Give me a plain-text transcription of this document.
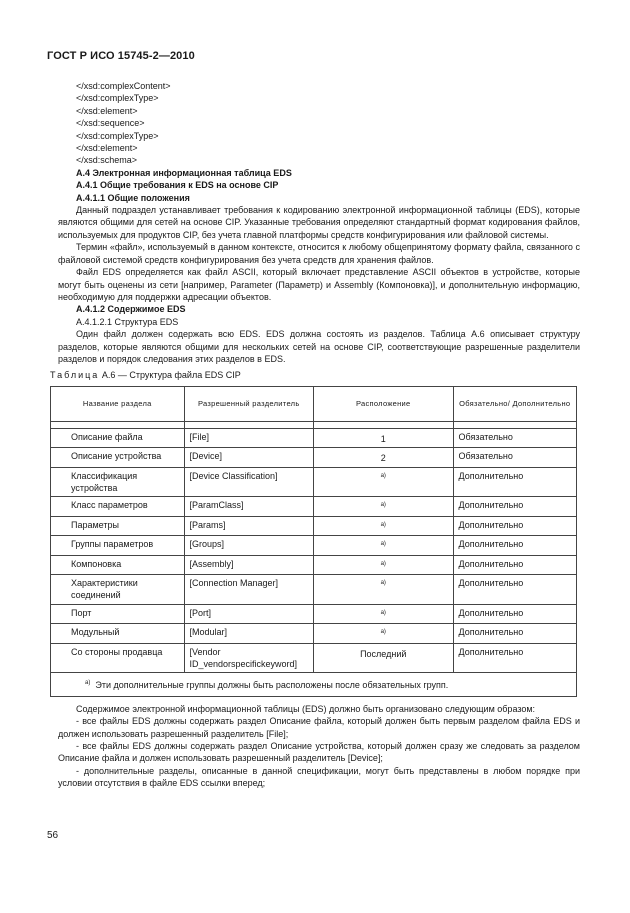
ГОСТ Р ИСО 15745-2—2010

</xsd:complexContent>

</xsd:complexType>

</xsd:element>

</xsd:sequence>

</xsd:complexType>

</xsd:element>

</xsd:schema>

А.4 Электронная информационная таблица EDS

А.4.1 Общие требования к EDS на основе CIP

А.4.1.1 Общие положения

Данный подраздел устанавливает требования к кодированию электронной информационной таблицы (EDS), которые являются общими для сетей на основе CIP. Указанные требования определяют стандартный формат кодирования файлов, используемых для продуктов CIP, без учета главной платформы средств конфигурирования или файловой системы.

Термин «файл», используемый в данном контексте, относится к любому общепринятому формату файла, связанного с файловой системой средств конфигурирования без учета средств для хранения файлов.

Файл EDS определяется как файл ASCII, который включает представление ASCII объектов в устройстве, которые могут быть оценены из сети [например, Parameter (Параметр) и Assembly (Компоновка)], и дополнительную информацию, необходимую для поддержки адресации объектов.

А.4.1.2 Содержимое EDS

А.4.1.2.1 Структура EDS

Один файл должен содержать всю EDS. EDS должна состоять из разделов. Таблица А.6 описывает структуру разделов, которые являются общими для нескольких сетей на основе CIP, соответствующие разрешенные разделители разделов и порядок следования этих разделов в EDS.

Таблица А.6 — Структура файла EDS CIP
Название раздела	Разрешенный разделитель	Расположение	Обязательно/ Дополнительно

Описание файла	[File]	1	Обязательно
Описание устройства	[Device]	2	Обязательно
Классификация устройства	[Device Classification]	$^{a)}$	Дополнительно
Класс параметров	[ParamClass]	$^{a)}$	Дополнительно
Параметры	[Params]	$^{a)}$	Дополнительно
Группы параметров	[Groups]	$^{a)}$	Дополнительно
Компоновка	[Assembly]	$^{a)}$	Дополнительно
Характеристики соединений	[Connection Manager]	$^{a)}$	Дополнительно
Порт	[Port]	$^{a)}$	Дополнительно
Модульный	[Modular]	$^{a)}$	Дополнительно
Со стороны продавца	[Vendor ID_vendorspecifickeyword]	Последний	Дополнительно
$^{a)}$ Эти дополнительные группы должны быть расположены после обязательных групп.			

Содержимое электронной информационной таблицы (EDS) должно быть организовано следующим образом:

- все файлы EDS должны содержать раздел Описание файла, который должен быть первым разделом файла EDS и должен использовать разрешенный разделитель [File];

- все файлы EDS должны содержать раздел Описание устройства, который должен сразу же следовать за разделом Описание файла и должен использовать разрешенный разделитель [Device];

- дополнительные разделы, описанные в данной спецификации, могут быть представлены в любом порядке при условии отсутствия в файле EDS ссылки вперед;

56
